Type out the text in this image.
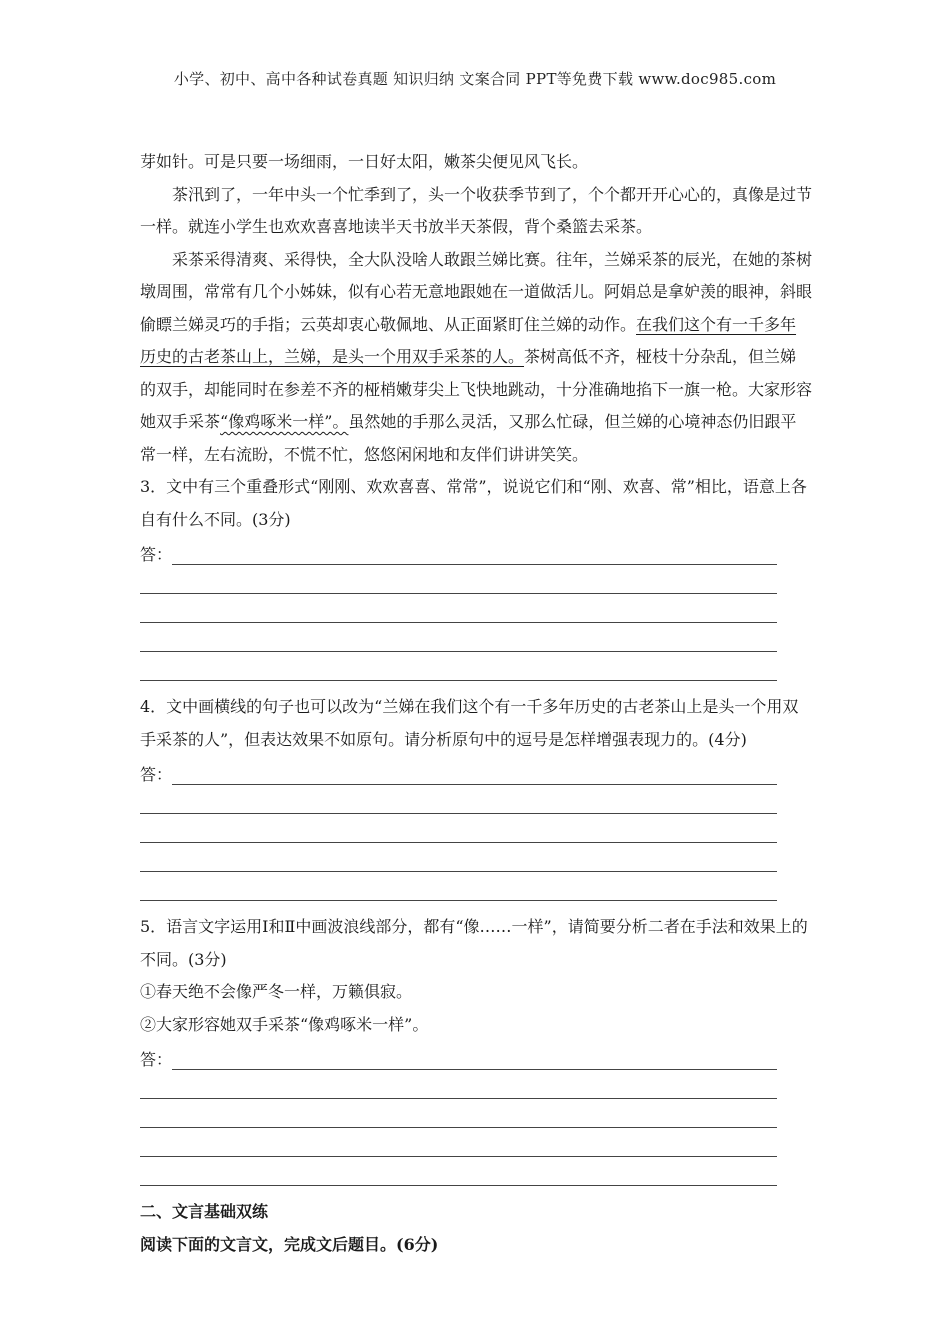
小学、初中、高中各种试卷真题 知识归纳 文案合同 PPT等免费下载 www.doc985.com

芽如针。可是只要一场细雨，一日好太阳，嫩茶尖便见风飞长。

茶汛到了，一年中头一个忙季到了，头一个收获季节到了，个个都开开心心的，真像是过节一样。就连小学生也欢欢喜喜地读半天书放半天茶假，背个桑篮去采茶。

采茶采得清爽、采得快，全大队没啥人敢跟兰娣比赛。往年，兰娣采茶的辰光，在她的茶树墩周围，常常有几个小姊妹，似有心若无意地跟她在一道做活儿。阿娟总是拿妒羡的眼神，斜眼偷瞟兰娣灵巧的手指；云英却衷心敬佩地、从正面紧盯住兰娣的动作。在我们这个有一千多年历史的古老茶山上，兰娣，是头一个用双手采茶的人。茶树高低不齐，桠枝十分杂乱，但兰娣的双手，却能同时在参差不齐的桠梢嫩芽尖上飞快地跳动，十分准确地掐下一旗一枪。大家形容她双手采茶“像鸡啄米一样”。虽然她的手那么灵活，又那么忙碌，但兰娣的心境神态仍旧跟平常一样，左右流盼，不慌不忙，悠悠闲闲地和友伴们讲讲笑笑。

3．文中有三个重叠形式“刚刚、欢欢喜喜、常常”，说说它们和“刚、欢喜、常”相比，语意上各自有什么不同。(3分)

答：

4．文中画横线的句子也可以改为“兰娣在我们这个有一千多年历史的古老茶山上是头一个用双手采茶的人”，但表达效果不如原句。请分析原句中的逗号是怎样增强表现力的。(4分)

答：

5．语言文字运用Ⅰ和Ⅱ中画波浪线部分，都有“像……一样”，请简要分析二者在手法和效果上的不同。(3分)

①春天绝不会像严冬一样，万籁俱寂。

②大家形容她双手采茶“像鸡啄米一样”。

答：

二、文言基础双练

阅读下面的文言文，完成文后题目。(6分)
